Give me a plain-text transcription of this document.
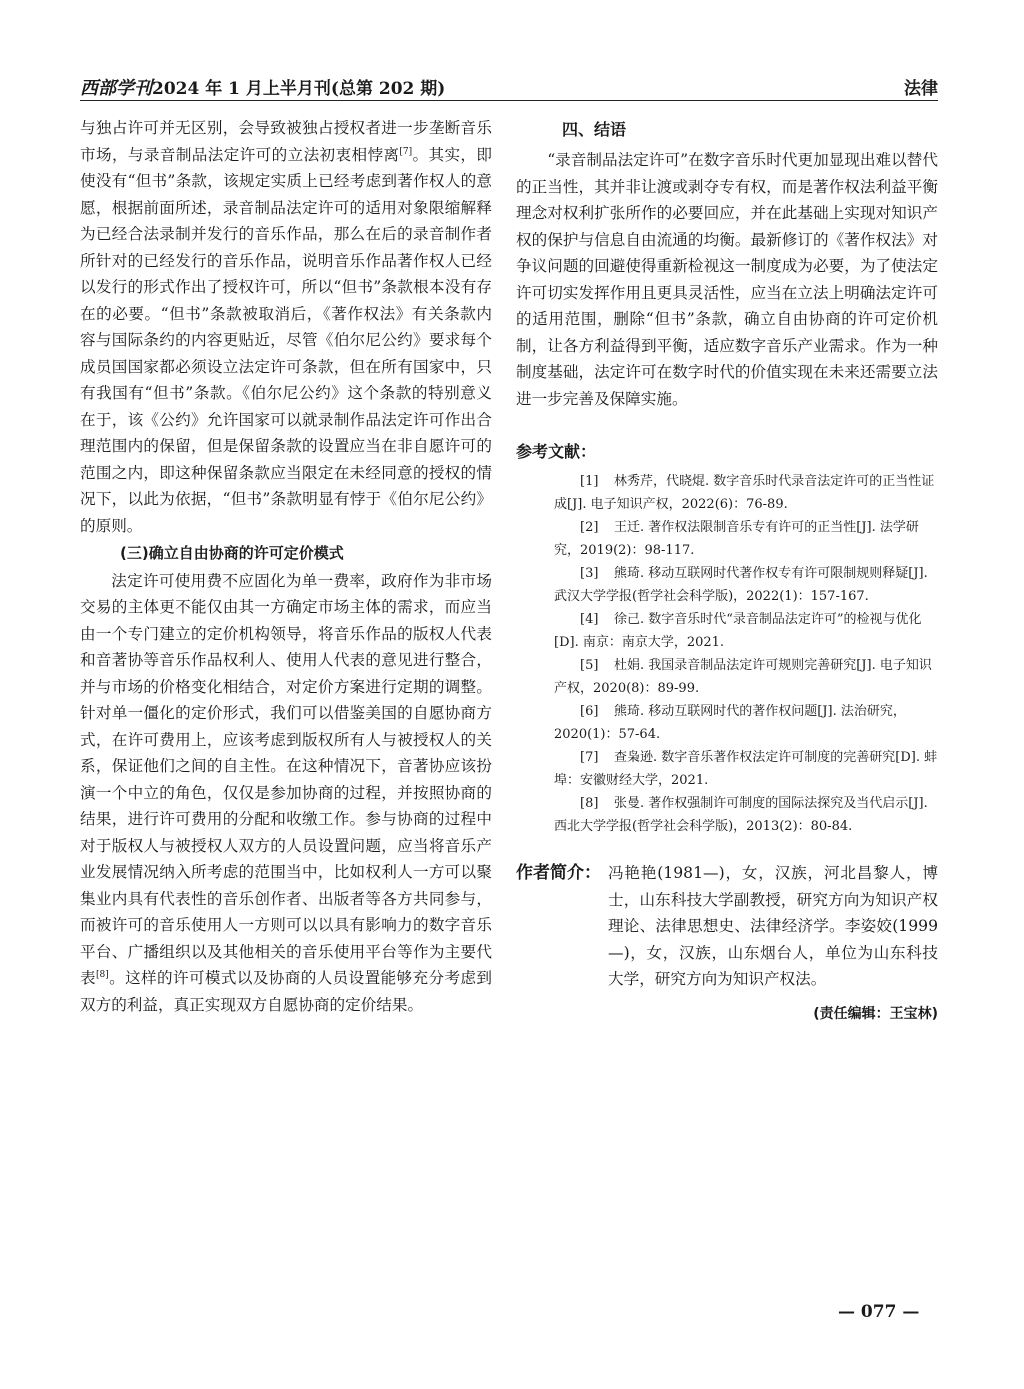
西部学刊2024 年 1 月上半月刊(总第 202 期)	法律

与独占许可并无区别，会导致被独占授权者进一步垄断音乐市场，与录音制品法定许可的立法初衷相悖离[7]。其实，即使没有“但书”条款，该规定实质上已经考虑到著作权人的意愿，根据前面所述，录音制品法定许可的适用对象限缩解释为已经合法录制并发行的音乐作品，那么在后的录音制作者所针对的已经发行的音乐作品，说明音乐作品著作权人已经以发行的形式作出了授权许可，所以“但书”条款根本没有存在的必要。“但书”条款被取消后，《著作权法》有关条款内容与国际条约的内容更贴近，尽管《伯尔尼公约》要求每个成员国国家都必须设立法定许可条款，但在所有国家中，只有我国有“但书”条款。《伯尔尼公约》这个条款的特别意义在于，该《公约》允许国家可以就录制作品法定许可作出合理范围内的保留，但是保留条款的设置应当在非自愿许可的范围之内，即这种保留条款应当限定在未经同意的授权的情况下，以此为依据，“但书”条款明显有悖于《伯尔尼公约》的原则。

(三)确立自由协商的许可定价模式

法定许可使用费不应固化为单一费率，政府作为非市场交易的主体更不能仅由其一方确定市场主体的需求，而应当由一个专门建立的定价机构领导，将音乐作品的版权人代表和音著协等音乐作品权利人、使用人代表的意见进行整合，并与市场的价格变化相结合，对定价方案进行定期的调整。针对单一僵化的定价形式，我们可以借鉴美国的自愿协商方式，在许可费用上，应该考虑到版权所有人与被授权人的关系，保证他们之间的自主性。在这种情况下，音著协应该扮演一个中立的角色，仅仅是参加协商的过程，并按照协商的结果，进行许可费用的分配和收缴工作。参与协商的过程中对于版权人与被授权人双方的人员设置问题，应当将音乐产业发展情况纳入所考虑的范围当中，比如权利人一方可以聚集业内具有代表性的音乐创作者、出版者等各方共同参与，而被许可的音乐使用人一方则可以以具有影响力的数字音乐平台、广播组织以及其他相关的音乐使用平台等作为主要代表[8]。这样的许可模式以及协商的人员设置能够充分考虑到双方的利益，真正实现双方自愿协商的定价结果。

四、结语

“录音制品法定许可”在数字音乐时代更加显现出难以替代的正当性，其并非让渡或剥夺专有权，而是著作权法利益平衡理念对权利扩张所作的必要回应，并在此基础上实现对知识产权的保护与信息自由流通的均衡。最新修订的《著作权法》对争议问题的回避使得重新检视这一制度成为必要，为了使法定许可切实发挥作用且更具灵活性，应当在立法上明确法定许可的适用范围，删除“但书”条款，确立自由协商的许可定价机制，让各方利益得到平衡，适应数字音乐产业需求。作为一种制度基础，法定许可在数字时代的价值实现在未来还需要立法进一步完善及保障实施。

参考文献：

[1] 林秀芹，代晓焜. 数字音乐时代录音法定许可的正当性证成[J]. 电子知识产权，2022(6)：76-89.

[2] 王迁. 著作权法限制音乐专有许可的正当性[J]. 法学研究，2019(2)：98-117.

[3] 熊琦. 移动互联网时代著作权专有许可限制规则释疑[J]. 武汉大学学报(哲学社会科学版)，2022(1)：157-167.

[4] 徐己. 数字音乐时代“录音制品法定许可”的检视与优化[D]. 南京：南京大学，2021.

[5] 杜娟. 我国录音制品法定许可规则完善研究[J]. 电子知识产权，2020(8)：89-99.

[6] 熊琦. 移动互联网时代的著作权问题[J]. 法治研究，2020(1)：57-64.

[7] 查枭逊. 数字音乐著作权法定许可制度的完善研究[D]. 蚌埠：安徽财经大学，2021.

[8] 张曼. 著作权强制许可制度的国际法探究及当代启示[J]. 西北大学学报(哲学社会科学版)，2013(2)：80-84.

作者简介： 冯艳艳(1981—)，女，汉族，河北昌黎人，博士，山东科技大学副教授，研究方向为知识产权理论、法律思想史、法律经济学。李姿姣(1999—)，女，汉族，山东烟台人，单位为山东科技大学，研究方向为知识产权法。
(责任编辑：王宝林)
— 077 —
